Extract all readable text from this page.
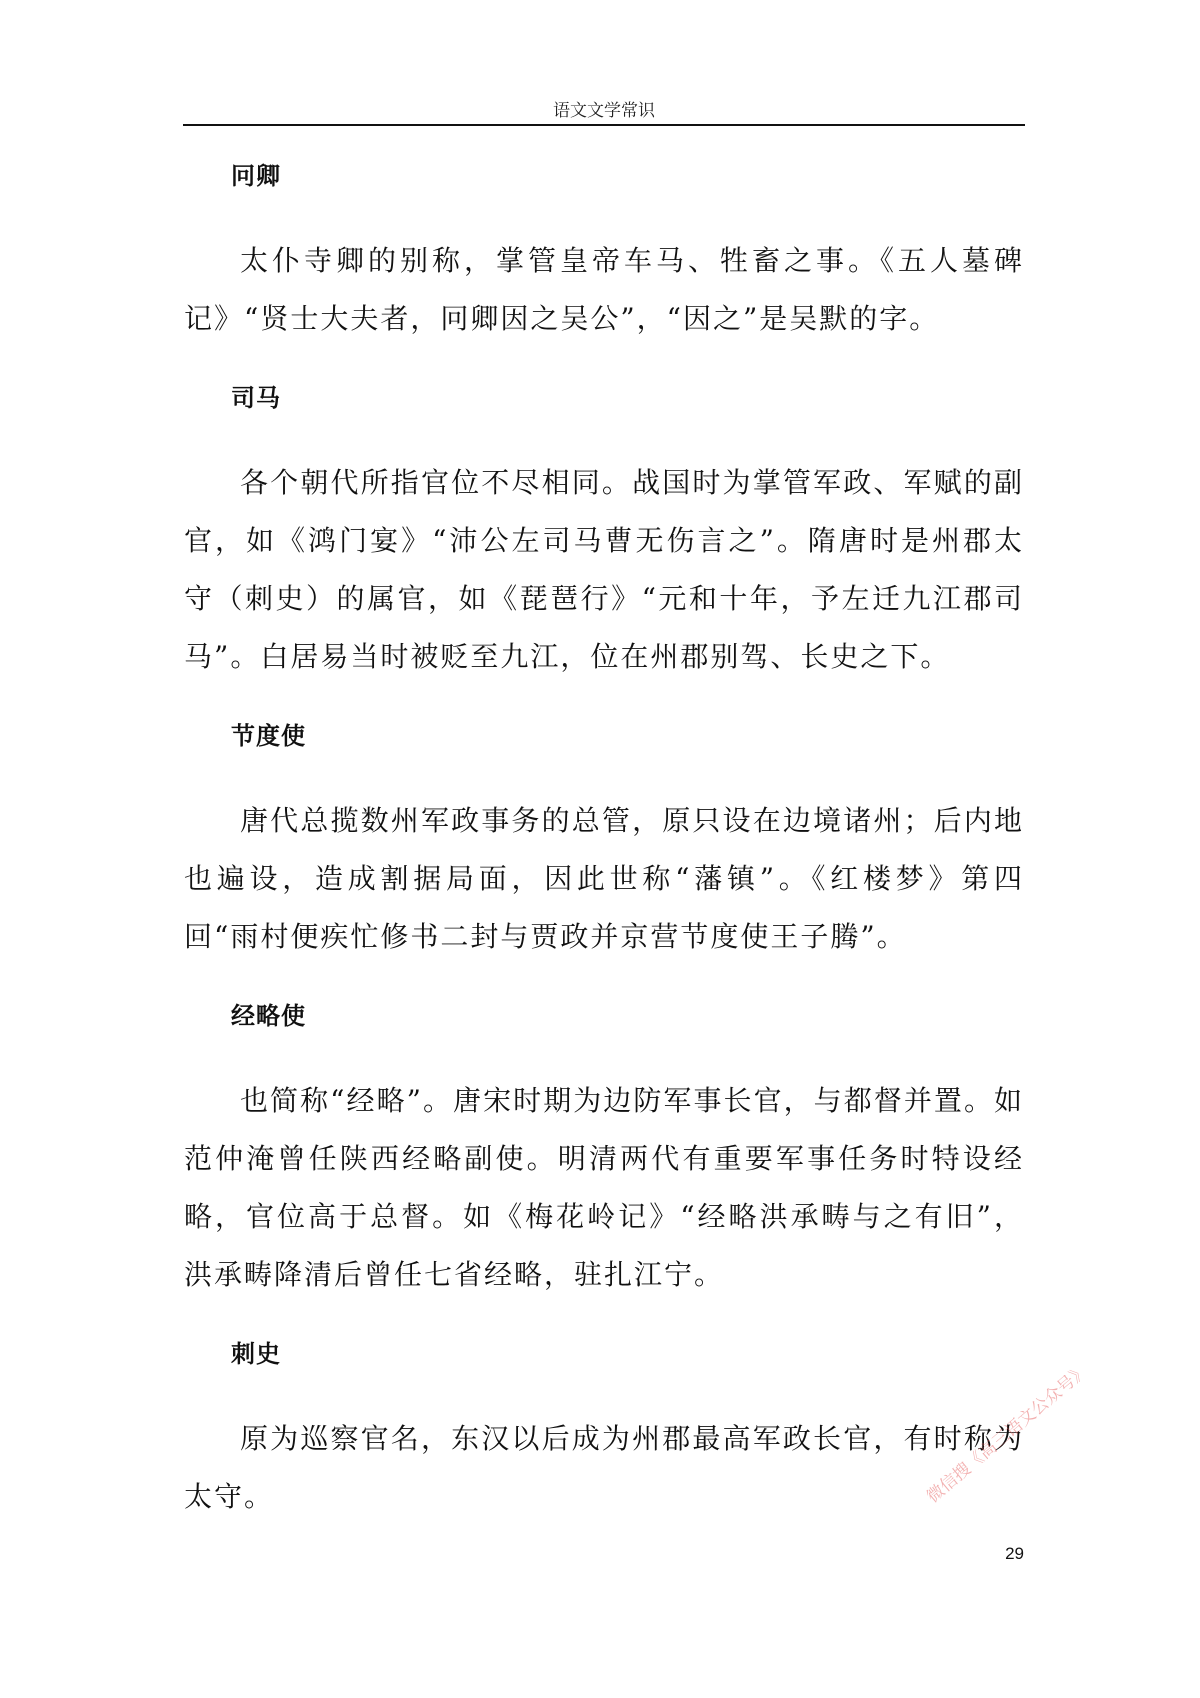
语文文学常识
冋卿
太仆寺卿的别称，掌管皇帝车马、牲畜之事。《五人墓碑记》“贤士大夫者，冋卿因之吴公”，“因之”是吴默的字。
司马
各个朝代所指官位不尽相同。战国时为掌管军政、军赋的副官，如《鸿门宴》“沛公左司马曹无伤言之”。隋唐时是州郡太守（刺史）的属官，如《琵琶行》“元和十年，予左迁九江郡司马”。白居易当时被贬至九江，位在州郡别驾、长史之下。
节度使
唐代总揽数州军政事务的总管，原只设在边境诸州；后内地也遍设，造成割据局面，因此世称“藩镇”。《红楼梦》第四回“雨村便疾忙修书二封与贾政并京营节度使王子腾”。
经略使
也简称“经略”。唐宋时期为边防军事长官，与都督并置。如范仲淹曾任陕西经略副使。明清两代有重要军事任务时特设经略，官位高于总督。如《梅花岭记》“经略洪承畴与之有旧”，洪承畴降清后曾任七省经略，驻扎江宁。
刺史
原为巡察官名，东汉以后成为州郡最高军政长官，有时称为太守。	微信搜《高三语文公众号》
29
